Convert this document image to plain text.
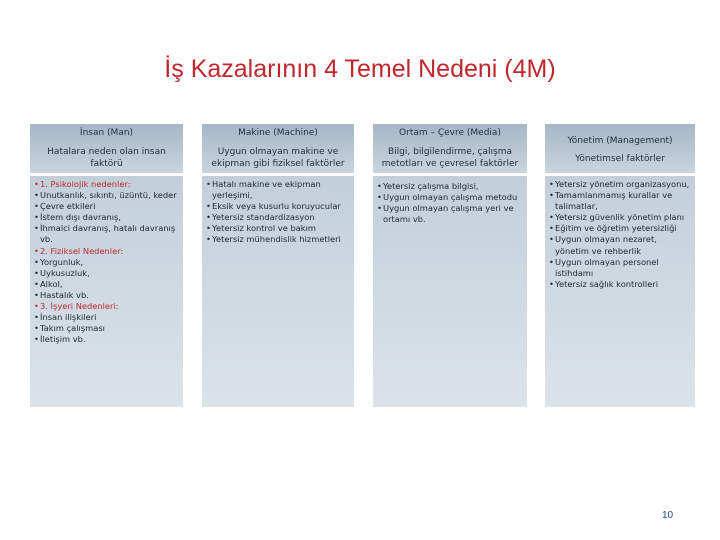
İş Kazalarının 4 Temel Nedeni (4M)
İnsan (Man)
Hatalara neden olan insan faktörü
• 1. Psikolojik nedenler:
• Unutkanlık, sıkıntı, üzüntü, keder
• Çevre etkileri
• İstem dışı davranış,
• İhmalci davranış, hatalı davranış vb.
• 2. Fiziksel Nedenler:
• Yorgunluk,
• Uykusuzluk,
• Alkol,
• Hastalık vb.
• 3. İşyeri Nedenleri:
• İnsan ilişkileri
• Takım çalışması
• İletişim vb.
Makine (Machine)
Uygun olmayan makine ve ekipman gibi fiziksel faktörler
• Hatalı makine ve ekipman yerleşimi,
• Eksik veya kusurlu koruyucular
• Yetersiz standardizasyon
• Yetersiz kontrol ve bakım
• Yetersiz mühendislik hizmetleri
Ortam – Çevre (Media)
Bilgi, bilgilendirme, çalışma metotları ve çevresel faktörler
• Yetersiz çalışma bilgisi,
• Uygun olmayan çalışma metodu
• Uygun olmayan çalışma yeri ve ortamı vb.
Yönetim (Management)
Yönetimsel faktörler
• Yetersiz yönetim organizasyonu,
• Tamamlanmamış kurallar ve talimatlar,
• Yetersiz güvenlik yönetim planı
• Eğitim ve öğretim yetersizliği
• Uygun olmayan nezaret, yönetim ve rehberlik
• Uygun olmayan personel istihdamı
• Yetersiz sağlık kontrolleri
10
